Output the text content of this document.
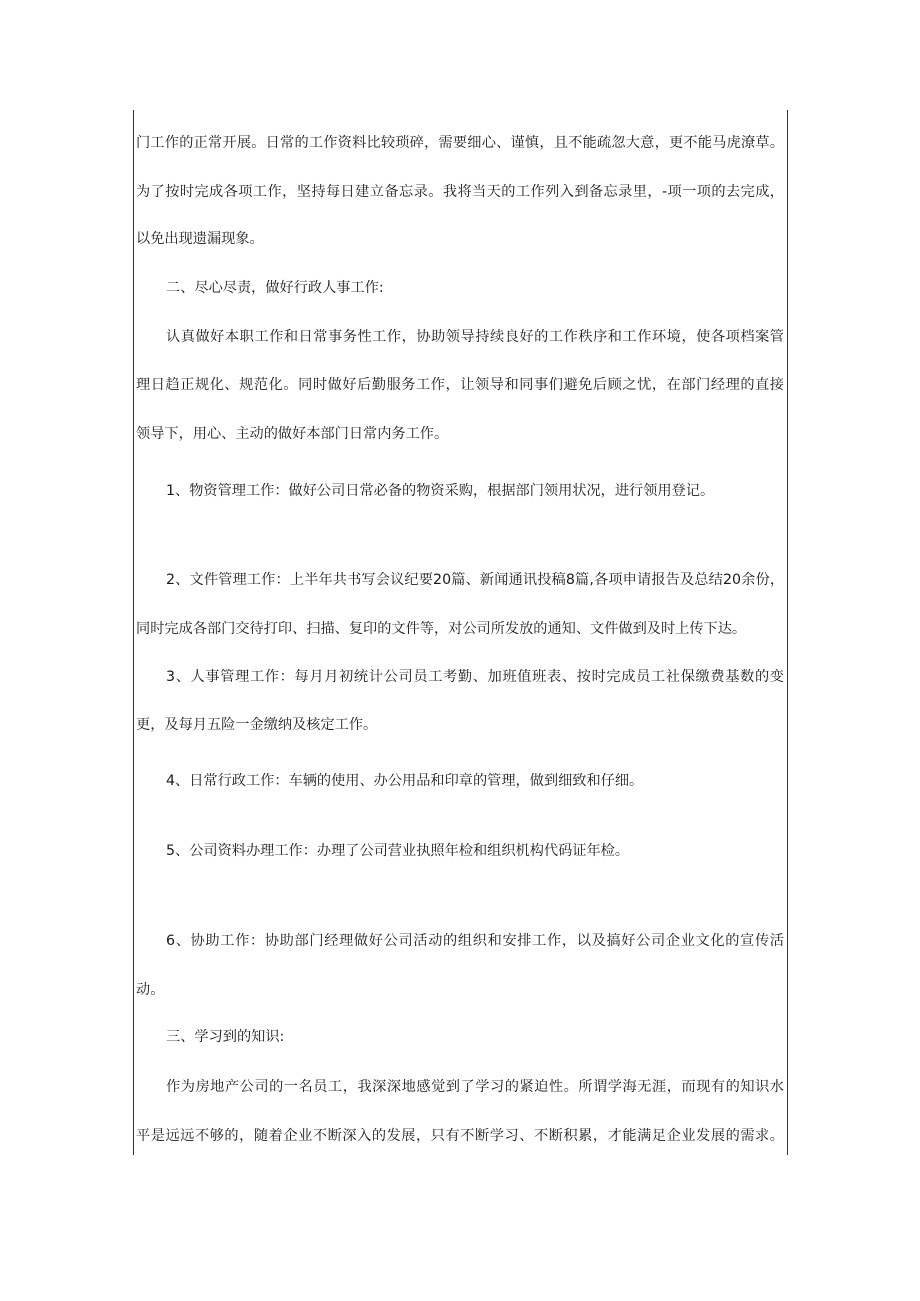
门工作的正常开展。日常的工作资料比较琐碎，需要细心、谨慎，且不能疏忽大意，更不能马虎潦草。
为了按时完成各项工作，坚持每日建立备忘录。我将当天的工作列入到备忘录里，-项一项的去完成，
以免出现遗漏现象。
二、尽心尽责，做好行政人事工作:
认真做好本职工作和日常事务性工作，协助领导持续良好的工作秩序和工作环境，使各项档案管
理日趋正规化、规范化。同时做好后勤服务工作，让领导和同事们避免后顾之忧，在部门经理的直接
领导下，用心、主动的做好本部门日常内务工作。
1、物资管理工作：做好公司日常必备的物资采购，根据部门领用状况，进行领用登记。
2、文件管理工作：上半年共书写会议纪要20篇、新闻通讯投稿8篇,各项申请报告及总结20余份，
同时完成各部门交待打印、扫描、复印的文件等，对公司所发放的通知、文件做到及时上传下达。
3、人事管理工作：每月月初统计公司员工考勤、加班值班表、按时完成员工社保缴费基数的变
更，及每月五险一金缴纳及核定工作。
4、日常行政工作：车辆的使用、办公用品和印章的管理，做到细致和仔细。
5、公司资料办理工作：办理了公司营业执照年检和组织机构代码证年检。
6、协助工作：协助部门经理做好公司活动的组织和安排工作，以及搞好公司企业文化的宣传活
动。
三、学习到的知识:
作为房地产公司的一名员工，我深深地感觉到了学习的紧迫性。所谓学海无涯，而现有的知识水
平是远远不够的，随着企业不断深入的发展，只有不断学习、不断积累，才能满足企业发展的需求。
